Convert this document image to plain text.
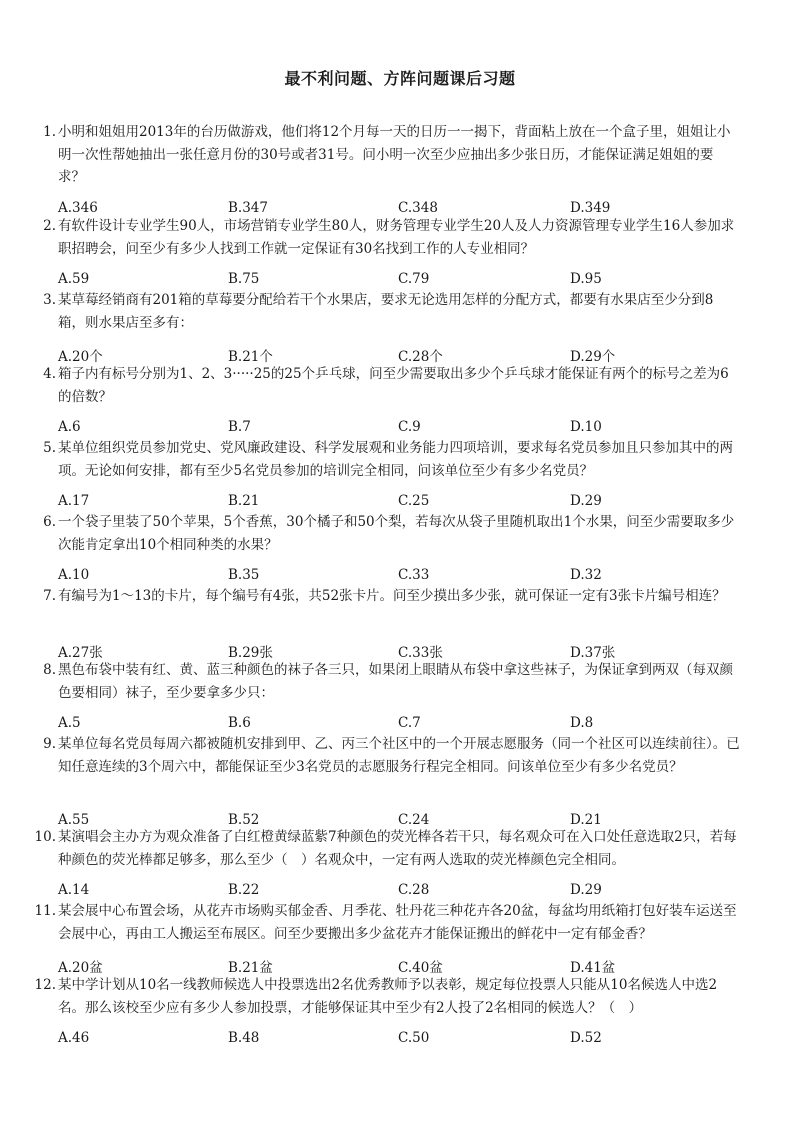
最不利问题、方阵问题课后习题
1. 小明和姐姐用2013年的台历做游戏，他们将12个月每一天的日历一一揭下，背面粘上放在一个盒子里，姐姐让小明一次性帮她抽出一张任意月份的30号或者31号。问小明一次至少应抽出多少张日历，才能保证满足姐姐的要求？
A.346	B.347	C.348	D.349
2. 有软件设计专业学生90人，市场营销专业学生80人，财务管理专业学生20人及人力资源管理专业学生16人参加求职招聘会，问至少有多少人找到工作就一定保证有30名找到工作的人专业相同？
A.59	B.75	C.79	D.95
3. 某草莓经销商有201箱的草莓要分配给若干个水果店，要求无论选用怎样的分配方式，都要有水果店至少分到8箱，则水果店至多有：
A.20个	B.21个	C.28个	D.29个
4. 箱子内有标号分别为1、2、3·····25的25个乒乓球，问至少需要取出多少个乒乓球才能保证有两个的标号之差为6的倍数？
A.6	B.7	C.9	D.10
5. 某单位组织党员参加党史、党风廉政建设、科学发展观和业务能力四项培训，要求每名党员参加且只参加其中的两项。无论如何安排，都有至少5名党员参加的培训完全相同，问该单位至少有多少名党员？
A.17	B.21	C.25	D.29
6. 一个袋子里装了50个苹果，5个香蕉，30个橘子和50个梨，若每次从袋子里随机取出1个水果，问至少需要取多少次能肯定拿出10个相同种类的水果？
A.10	B.35	C.33	D.32
7. 有编号为1～13的卡片，每个编号有4张，共52张卡片。问至少摸出多少张，就可保证一定有3张卡片编号相连？
A.27张	B.29张	C.33张	D.37张
8. 黑色布袋中装有红、黄、蓝三种颜色的袜子各三只，如果闭上眼睛从布袋中拿这些袜子，为保证拿到两双（每双颜色要相同）袜子，至少要拿多少只：
A.5	B.6	C.7	D.8
9. 某单位每名党员每周六都被随机安排到甲、乙、丙三个社区中的一个开展志愿服务（同一个社区可以连续前往）。已知任意连续的3个周六中，都能保证至少3名党员的志愿服务行程完全相同。问该单位至少有多少名党员？
A.55	B.52	C.24	D.21
10. 某演唱会主办方为观众准备了白红橙黄绿蓝紫7种颜色的荧光棒各若干只，每名观众可在入口处任意选取2只，若每种颜色的荧光棒都足够多，那么至少（　）名观众中，一定有两人选取的荧光棒颜色完全相同。
A.14	B.22	C.28	D.29
11. 某会展中心布置会场，从花卉市场购买郁金香、月季花、牡丹花三种花卉各20盆，每盆均用纸箱打包好装车运送至会展中心，再由工人搬运至布展区。问至少要搬出多少盆花卉才能保证搬出的鲜花中一定有郁金香？
A.20盆	B.21盆	C.40盆	D.41盆
12. 某中学计划从10名一线教师候选人中投票选出2名优秀教师予以表彰，规定每位投票人只能从10名候选人中选2名。那么该校至少应有多少人参加投票，才能够保证其中至少有2人投了2名相同的候选人？（　）
A.46	B.48	C.50	D.52
